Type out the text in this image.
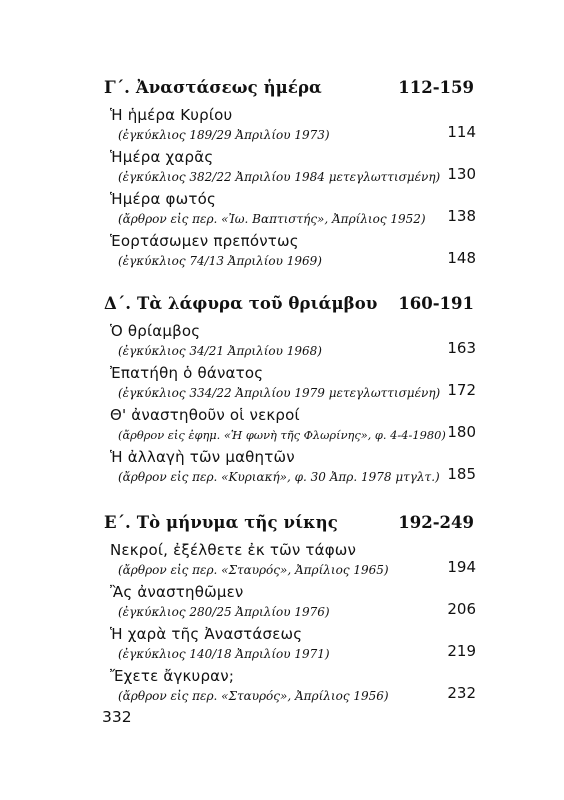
Γ΄. Ἀναστάσεως ἡμέρα	112-159
Ἡ ἡμέρα Κυρίου
(ἐγκύκλιος 189/29 Ἀπριλίου 1973)	114
Ἡμέρα χαρᾶς
(ἐγκύκλιος 382/22 Ἀπριλίου 1984 μετεγλωττισμένη) 130
Ἡμέρα φωτός
(ἄρθρον εἰς περ. «Ἰω. Βαπτιστής», Ἀπρίλιος 1952) 138
Ἑορτάσωμεν πρεπόντως
(ἐγκύκλιος 74/13 Ἀπριλίου 1969)	148
Δ΄. Τὰ λάφυρα τοῦ θριάμβου 160-191
Ὁ θρίαμβος
(ἐγκύκλιος 34/21 Ἀπριλίου 1968)	163
Ἐπατήθη ὁ θάνατος
(ἐγκύκλιος 334/22 Ἀπριλίου 1979 μετεγλωττισμένη) 172
Θ' ἀναστηθοῦν οἱ νεκροί
(ἄρθρον εἰς ἐφημ. «Ἡ φωνὴ τῆς Φλωρίνης», φ. 4-4-1980) 180
Ἡ ἀλλαγὴ τῶν μαθητῶν
(ἄρθρον εἰς περ. «Κυριακή», φ. 30 Ἀπρ. 1978 μτγλτ.) 185
Ε΄. Τὸ μήνυμα τῆς νίκης	192-249
Νεκροί, ἐξέλθετε ἐκ τῶν τάφων
(ἄρθρον εἰς περ. «Σταυρός», Ἀπρίλιος 1965)	194
Ἂς ἀναστηθῶμεν
(ἐγκύκλιος 280/25 Ἀπριλίου 1976)	206
Ἡ χαρὰ τῆς Ἀναστάσεως
(ἐγκύκλιος 140/18 Ἀπριλίου 1971)	219
Ἔχετε ἄγκυραν;
(ἄρθρον εἰς περ. «Σταυρός», Ἀπρίλιος 1956)	232
332
